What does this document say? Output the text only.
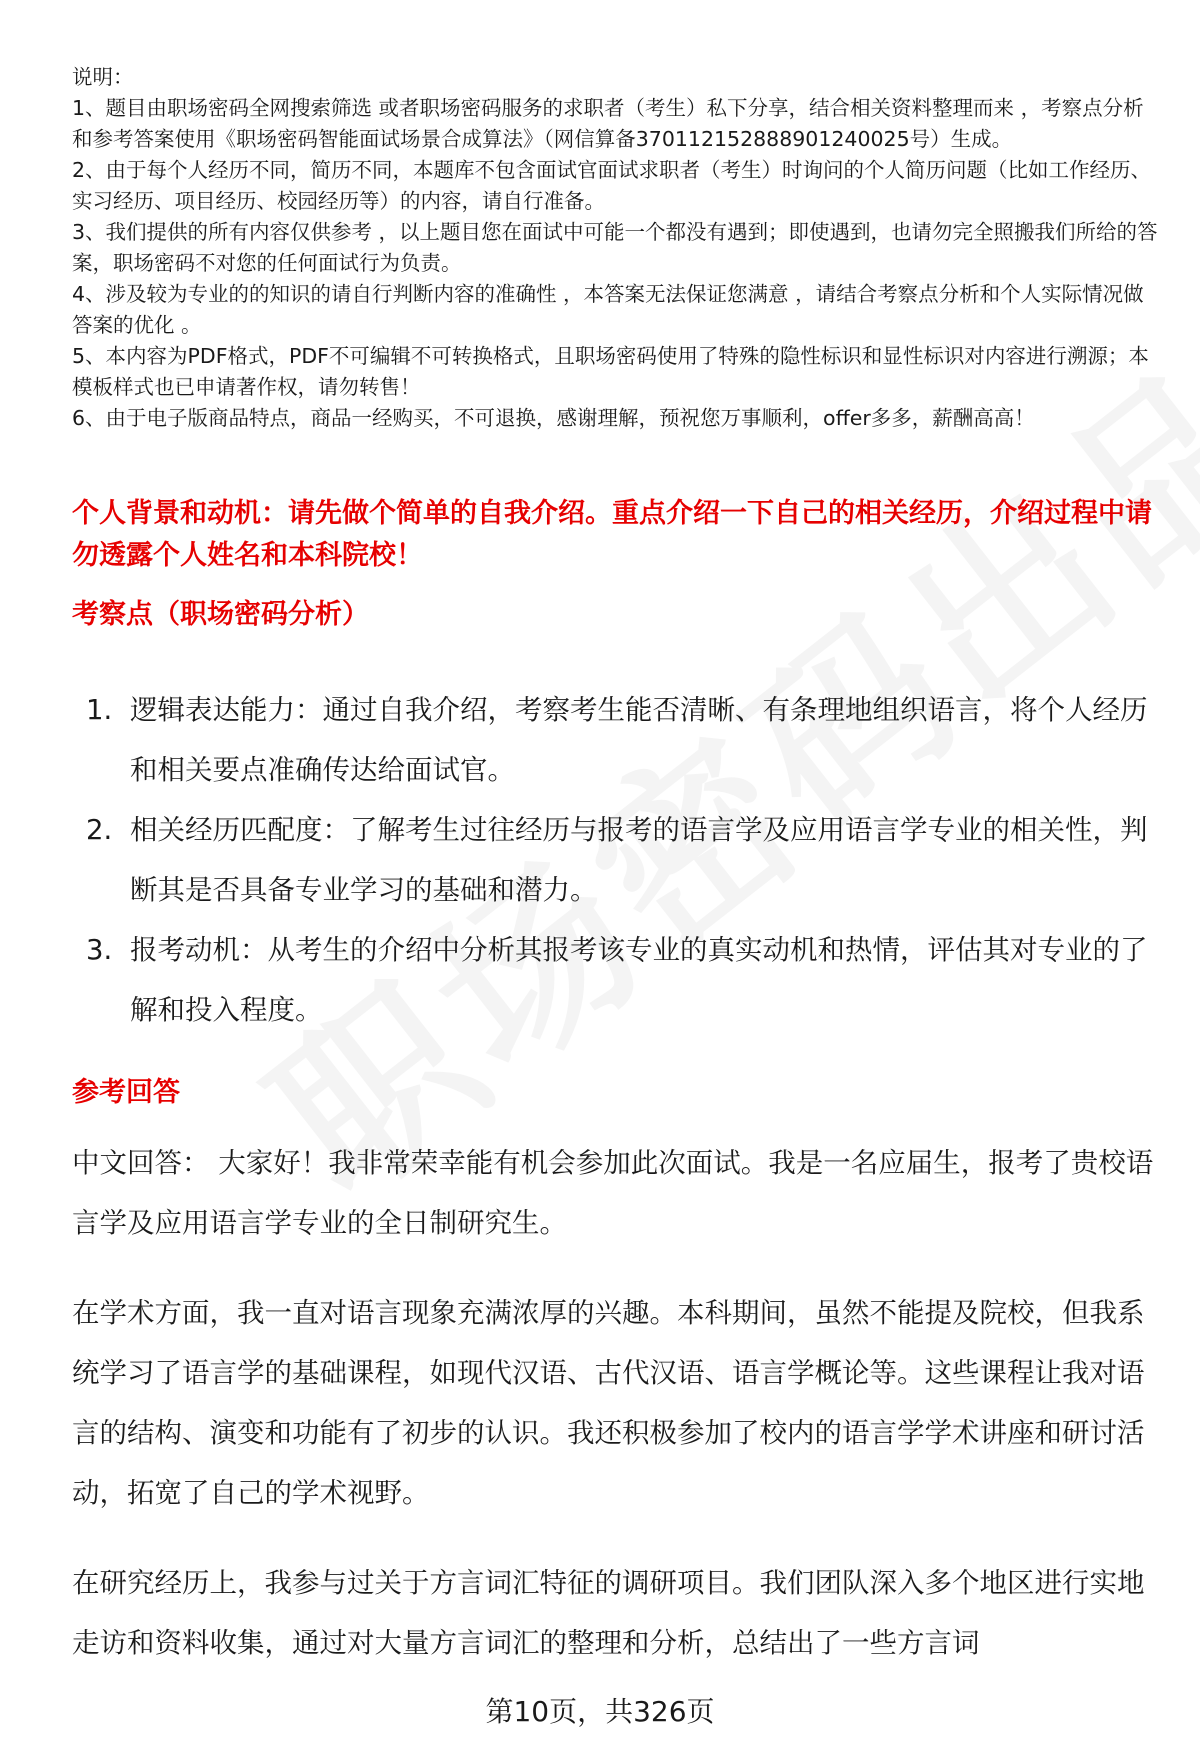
说明：

1、题目由职场密码全网搜索筛选 或者职场密码服务的求职者（考生）私下分享，结合相关资料整理而来 ，考察点分析和参考答案使用《职场密码智能面试场景合成算法》（网信算备370112152888901240025号）生成。

2、由于每个人经历不同，简历不同，本题库不包含面试官面试求职者（考生）时询问的个人简历问题（比如工作经历、实习经历、项目经历、校园经历等）的内容，请自行准备。

3、我们提供的所有内容仅供参考 ，以上题目您在面试中可能一个都没有遇到；即使遇到，也请勿完全照搬我们所给的答案，职场密码不对您的任何面试行为负责。

4、涉及较为专业的的知识的请自行判断内容的准确性 ，本答案无法保证您满意 ，请结合考察点分析和个人实际情况做答案的优化 。

5、本内容为PDF格式，PDF不可编辑不可转换格式，且职场密码使用了特殊的隐性标识和显性标识对内容进行溯源；本模板样式也已申请著作权，请勿转售！

6、由于电子版商品特点，商品一经购买，不可退换，感谢理解，预祝您万事顺利，offer多多，薪酬高高！

个人背景和动机：请先做个简单的自我介绍。重点介绍一下自己的相关经历，介绍过程中请勿透露个人姓名和本科院校！

考察点（职场密码分析）

1. 逻辑表达能力：通过自我介绍，考察考生能否清晰、有条理地组织语言，将个人经历和相关要点准确传达给面试官。
2. 相关经历匹配度：了解考生过往经历与报考的语言学及应用语言学专业的相关性，判断其是否具备专业学习的基础和潜力。
3. 报考动机：从考生的介绍中分析其报考该专业的真实动机和热情，评估其对专业的了解和投入程度。

参考回答

中文回答： 大家好！我非常荣幸能有机会参加此次面试。我是一名应届生，报考了贵校语言学及应用语言学专业的全日制研究生。

在学术方面，我一直对语言现象充满浓厚的兴趣。本科期间，虽然不能提及院校，但我系统学习了语言学的基础课程，如现代汉语、古代汉语、语言学概论等。这些课程让我对语言的结构、演变和功能有了初步的认识。我还积极参加了校内的语言学学术讲座和研讨活动，拓宽了自己的学术视野。

在研究经历上，我参与过关于方言词汇特征的调研项目。我们团队深入多个地区进行实地走访和资料收集，通过对大量方言词汇的整理和分析，总结出了一些方言词

第10页，共326页
